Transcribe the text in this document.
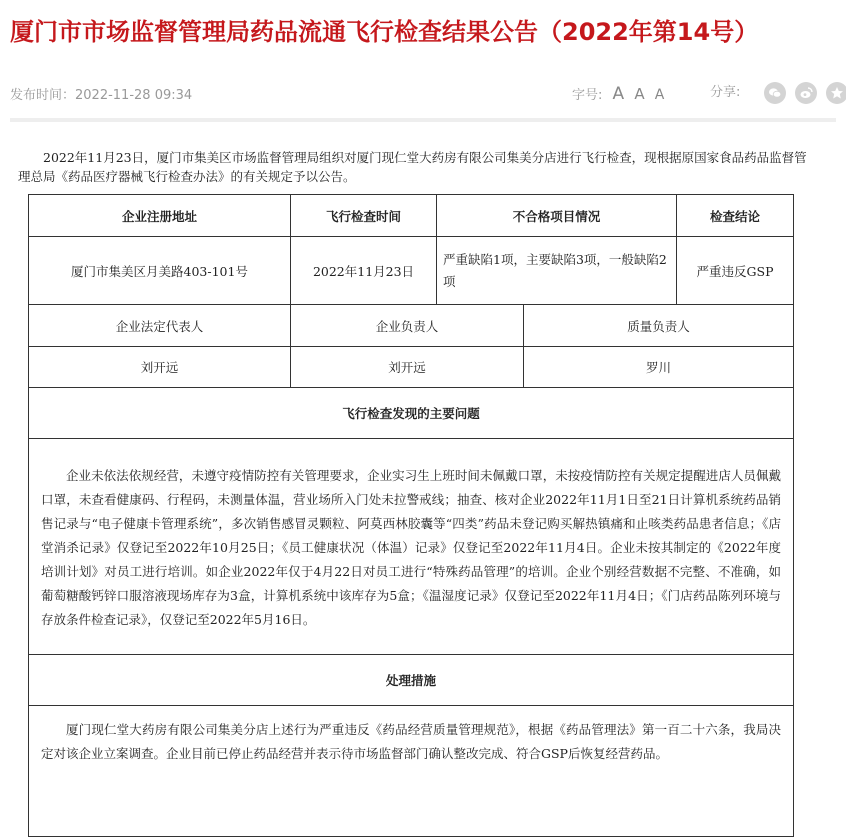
厦门市市场监督管理局药品流通飞行检查结果公告（2022年第14号）
发布时间：2022-11-28 09:34	字号: A A A	分享:

2022年11月23日，厦门市集美区市场监督管理局组织对厦门现仁堂大药房有限公司集美分店进行飞行检查，现根据原国家食品药品监督管理总局《药品医疗器械飞行检查办法》的有关规定予以公告。

企业注册地址	飞行检查时间	不合格项目情况		检查结论
厦门市集美区月美路403-101号	2022年11月23日	严重缺陷1项，主要缺陷3项，一般缺陷2项		严重违反GSP
企业法定代表人	企业负责人		质量负责人	
刘开远	刘开远		罗川	
飞行检查发现的主要问题				
企业未依法依规经营，未遵守疫情防控有关管理要求，企业实习生上班时间未佩戴口罩，未按疫情防控有关规定提醒进店人员佩戴口罩，未查看健康码、行程码，未测量体温，营业场所入门处未拉警戒线；抽查、核对企业2022年11月1日至21日计算机系统药品销售记录与“电子健康卡管理系统”，多次销售感冒灵颗粒、阿莫西林胶囊等“四类”药品未登记购买解热镇痛和止咳类药品患者信息；《店堂消杀记录》仅登记至2022年10月25日；《员工健康状况（体温）记录》仅登记至2022年11月4日。企业未按其制定的《2022年度培训计划》对员工进行培训。如企业2022年仅于4月22日对员工进行“特殊药品管理”的培训。企业个别经营数据不完整、不准确，如葡萄糖酸钙锌口服溶液现场库存为3盒，计算机系统中该库存为5盒；《温湿度记录》仅登记至2022年11月4日；《门店药品陈列环境与存放条件检查记录》，仅登记至2022年5月16日。				
处理措施				
厦门现仁堂大药房有限公司集美分店上述行为严重违反《药品经营质量管理规范》，根据《药品管理法》第一百二十六条，我局决定对该企业立案调查。企业目前已停止药品经营并表示待市场监督部门确认整改完成、符合GSP后恢复经营药品。				
